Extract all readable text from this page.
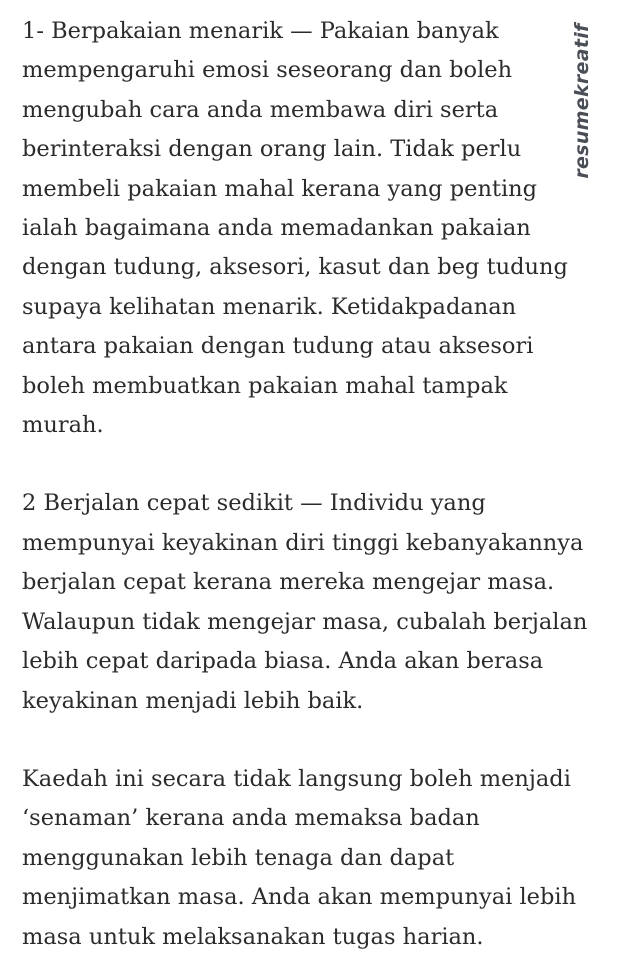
resumekreatif

1- Berpakaian menarik — Pakaian banyak
mempengaruhi emosi seseorang dan boleh
mengubah cara anda membawa diri serta
berinteraksi dengan orang lain. Tidak perlu
membeli pakaian mahal kerana yang penting
ialah bagaimana anda memadankan pakaian
dengan tudung, aksesori, kasut dan beg tudung
supaya kelihatan menarik. Ketidakpadanan
antara pakaian dengan tudung atau aksesori
boleh membuatkan pakaian mahal tampak
murah.

2 Berjalan cepat sedikit — Individu yang
mempunyai keyakinan diri tinggi kebanyakannya
berjalan cepat kerana mereka mengejar masa.
Walaupun tidak mengejar masa, cubalah berjalan
lebih cepat daripada biasa. Anda akan berasa
keyakinan menjadi lebih baik.

Kaedah ini secara tidak langsung boleh menjadi
‘senaman’ kerana anda memaksa badan
menggunakan lebih tenaga dan dapat
menjimatkan masa. Anda akan mempunyai lebih
masa untuk melaksanakan tugas harian.
